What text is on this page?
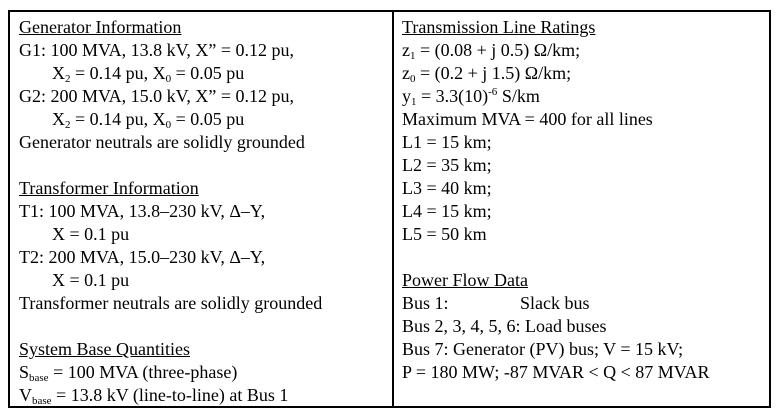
Generator Information
G1: 100 MVA, 13.8 kV, X” = 0.12 pu,
$X_2 = 0.14$ pu, $X_0 = 0.05$ pu
G2: 200 MVA, 15.0 kV, X” = 0.12 pu,
$X_2 = 0.14$ pu, $X_0 = 0.05$ pu
Generator neutrals are solidly grounded
Transformer Information
T1: 100 MVA, 13.8–230 kV, Δ–Y,
X = 0.1 pu
T2: 200 MVA, 15.0–230 kV, Δ–Y,
X = 0.1 pu
Transformer neutrals are solidly grounded
System Base Quantities
$S_{base} = 100$ MVA (three-phase)
$V_{base} = 13.8$ kV (line-to-line) at Bus 1
Transmission Line Ratings
$z_1 = (0.08 + j$ 0.5) Ω/km;
$z_0 = (0.2 + j$ 1.5) Ω/km;
$y_1 = 3.3(10)^{-6}$ S/km
Maximum MVA = 400 for all lines
L1 = 15 km;
L2 = 35 km;
L3 = 40 km;
L4 = 15 km;
L5 = 50 km
Power Flow Data
Bus 1:	Slack bus
Bus 2, 3, 4, 5, 6: Load buses
Bus 7: Generator (PV) bus; V = 15 kV;
P = 180 MW; -87 MVAR < Q < 87 MVAR
